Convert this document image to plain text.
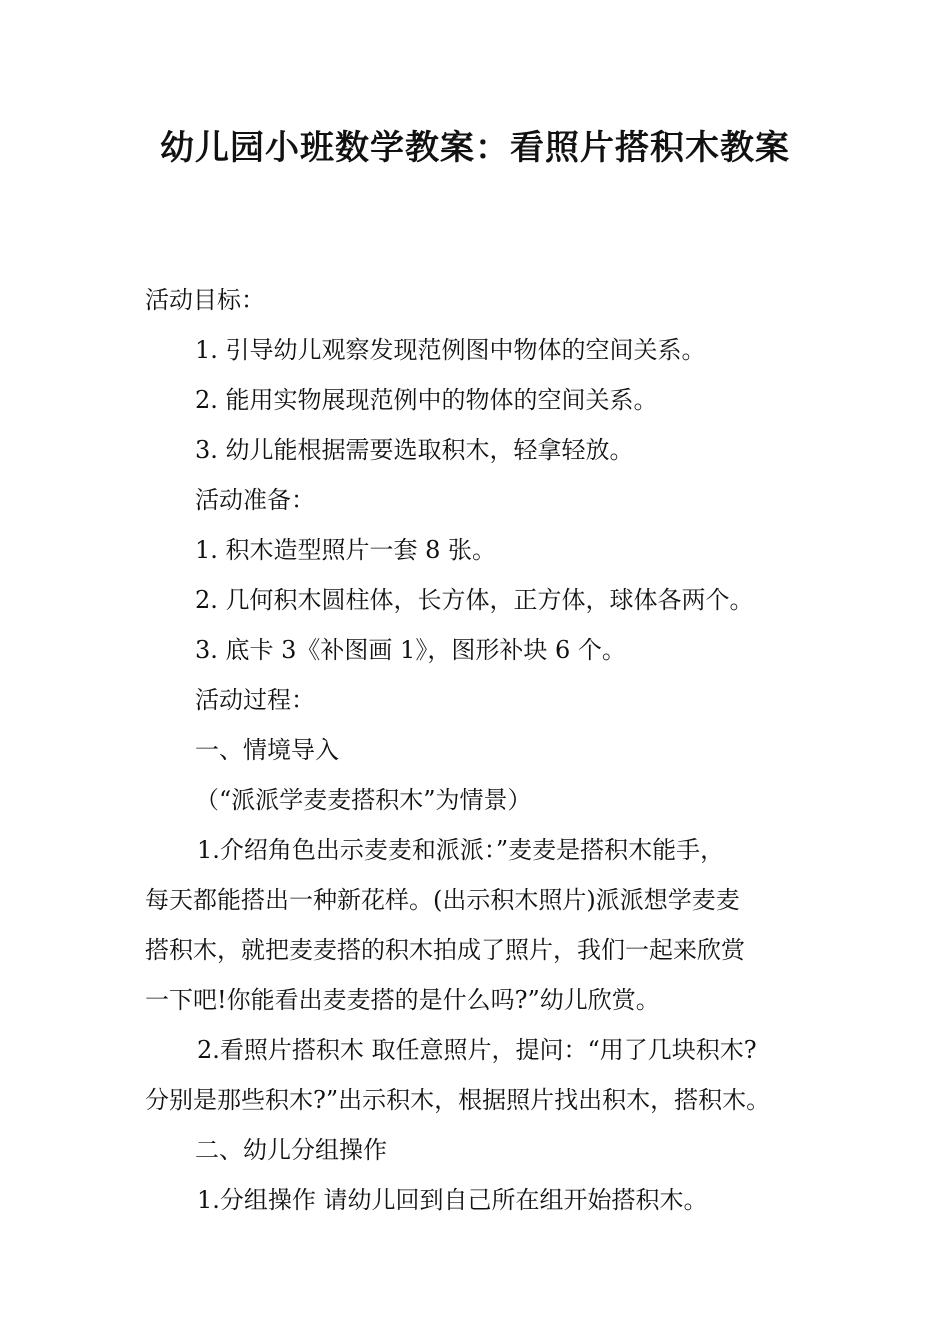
幼儿园小班数学教案：看照片搭积木教案
活动目标：
1. 引导幼儿观察发现范例图中物体的空间关系。
2. 能用实物展现范例中的物体的空间关系。
3. 幼儿能根据需要选取积木，轻拿轻放。
活动准备：
1. 积木造型照片一套 8 张。
2. 几何积木圆柱体，长方体，正方体，球体各两个。
3. 底卡 3《补图画 1》，图形补块 6 个。
活动过程：
一、情境导入
（“派派学麦麦搭积木”为情景）
1.介绍角色出示麦麦和派派：”麦麦是搭积木能手，
每天都能搭出一种新花样。(出示积木照片)派派想学麦麦
搭积木，就把麦麦搭的积木拍成了照片，我们一起来欣赏
一下吧!你能看出麦麦搭的是什么吗?”幼儿欣赏。
2.看照片搭积木 取任意照片，提问：“用了几块积木?
分别是那些积木?”出示积木，根据照片找出积木，搭积木。
二、幼儿分组操作
1.分组操作 请幼儿回到自己所在组开始搭积木。
